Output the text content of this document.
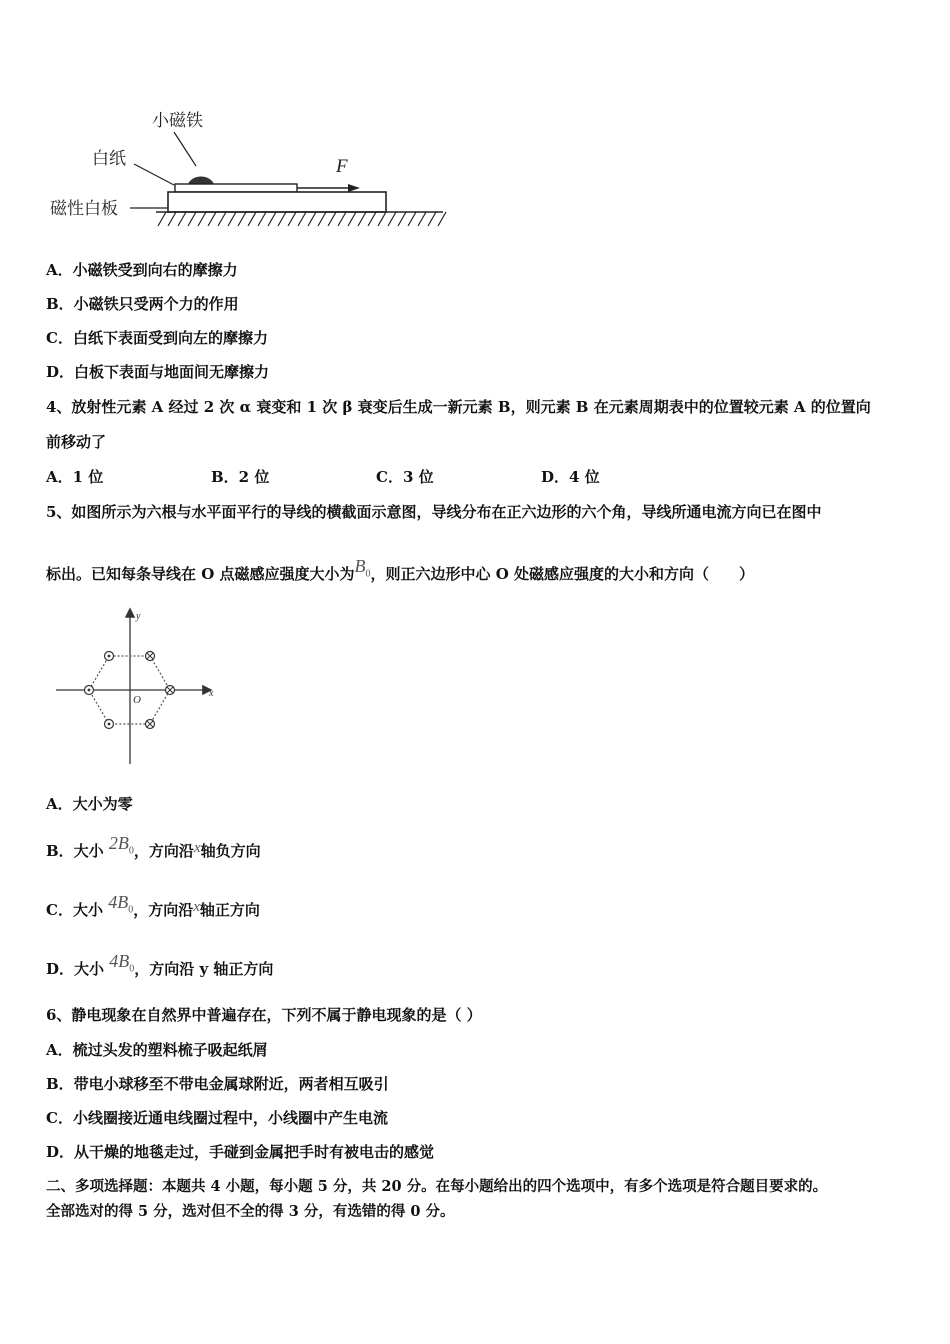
小磁铁
白纸
磁性白板
F
A．小磁铁受到向右的摩擦力
B．小磁铁只受两个力的作用
C．白纸下表面受到向左的摩擦力
D．白板下表面与地面间无摩擦力
4、放射性元素 A 经过 2 次 α 衰变和 1 次 β 衰变后生成一新元素 B，则元素 B 在元素周期表中的位置较元素 A 的位置向
前移动了
A．1 位	B．2 位	C．3 位	D．4 位
5、如图所示为六根与水平面平行的导线的横截面示意图，导线分布在正六边形的六个角，导线所通电流方向已在图中
标出。已知每条导线在 O 点磁感应强度大小为$B_0$，则正六边形中心 O 处磁感应强度的大小和方向（　　）
x
y
O
A．大小为零
B．大小 $2B_0$，方向沿x轴负方向
C．大小 $4B_0$，方向沿x轴正方向
D．大小 $4B_0$，方向沿 y 轴正方向
6、静电现象在自然界中普遍存在，下列不属于静电现象的是（ ）
A．梳过头发的塑料梳子吸起纸屑
B．带电小球移至不带电金属球附近，两者相互吸引
C．小线圈接近通电线圈过程中，小线圈中产生电流
D．从干燥的地毯走过，手碰到金属把手时有被电击的感觉
二、多项选择题：本题共 4 小题，每小题 5 分，共 20 分。在每小题给出的四个选项中，有多个选项是符合题目要求的。
全部选对的得 5 分，选对但不全的得 3 分，有选错的得 0 分。
